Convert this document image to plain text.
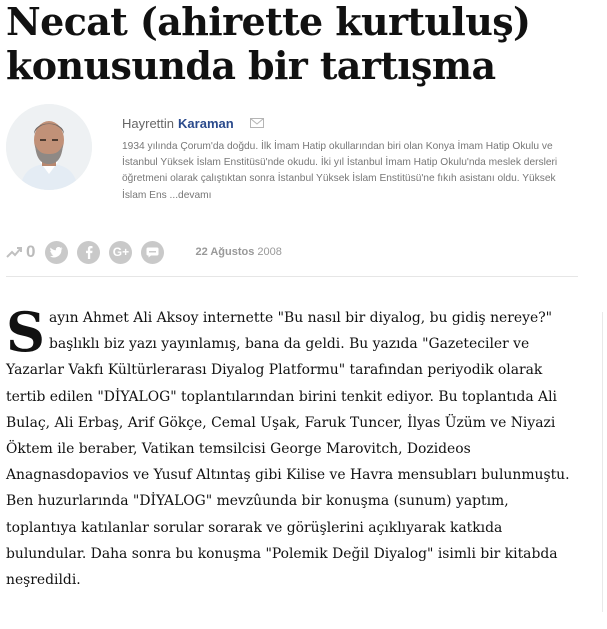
Necat (ahirette kurtuluş) konusunda bir tartışma
Hayrettin Karaman

1934 yılında Çorum'da doğdu. İlk İmam Hatip okullarından biri olan Konya İmam Hatip Okulu ve İstanbul Yüksek İslam Enstitüsü'nde okudu. İki yıl İstanbul İmam Hatip Okulu'nda meslek dersleri öğretmeni olarak çalıştıktan sonra İstanbul Yüksek İslam Enstitüsü'ne fıkıh asistanı oldu. Yüksek İslam Ens ...devamı

0	G+	22 Ağustos 2008
Sayın Ahmet Ali Aksoy internette "Bu nasıl bir diyalog, bu gidiş nereye?" başlıklı biz yazı yayınlamış, bana da geldi. Bu yazıda "Gazeteciler ve Yazarlar Vakfı Kültürlerarası Diyalog Platformu" tarafından periyodik olarak tertib edilen "DİYALOG" toplantılarından birini tenkit ediyor. Bu toplantıda Ali Bulaç, Ali Erbaş, Arif Gökçe, Cemal Uşak, Faruk Tuncer, İlyas Üzüm ve Niyazi Öktem ile beraber, Vatikan temsilcisi George Marovitch, Dozideos Anagnasdopavios ve Yusuf Altıntaş gibi Kilise ve Havra mensubları bulunmuştu. Ben huzurlarında "DİYALOG" mevzûunda bir konuşma (sunum) yaptım, toplantıya katılanlar sorular sorarak ve görüşlerini açıklıyarak katkıda bulundular. Daha sonra bu konuşma "Polemik Değil Diyalog" isimli bir kitabda neşredildi.
